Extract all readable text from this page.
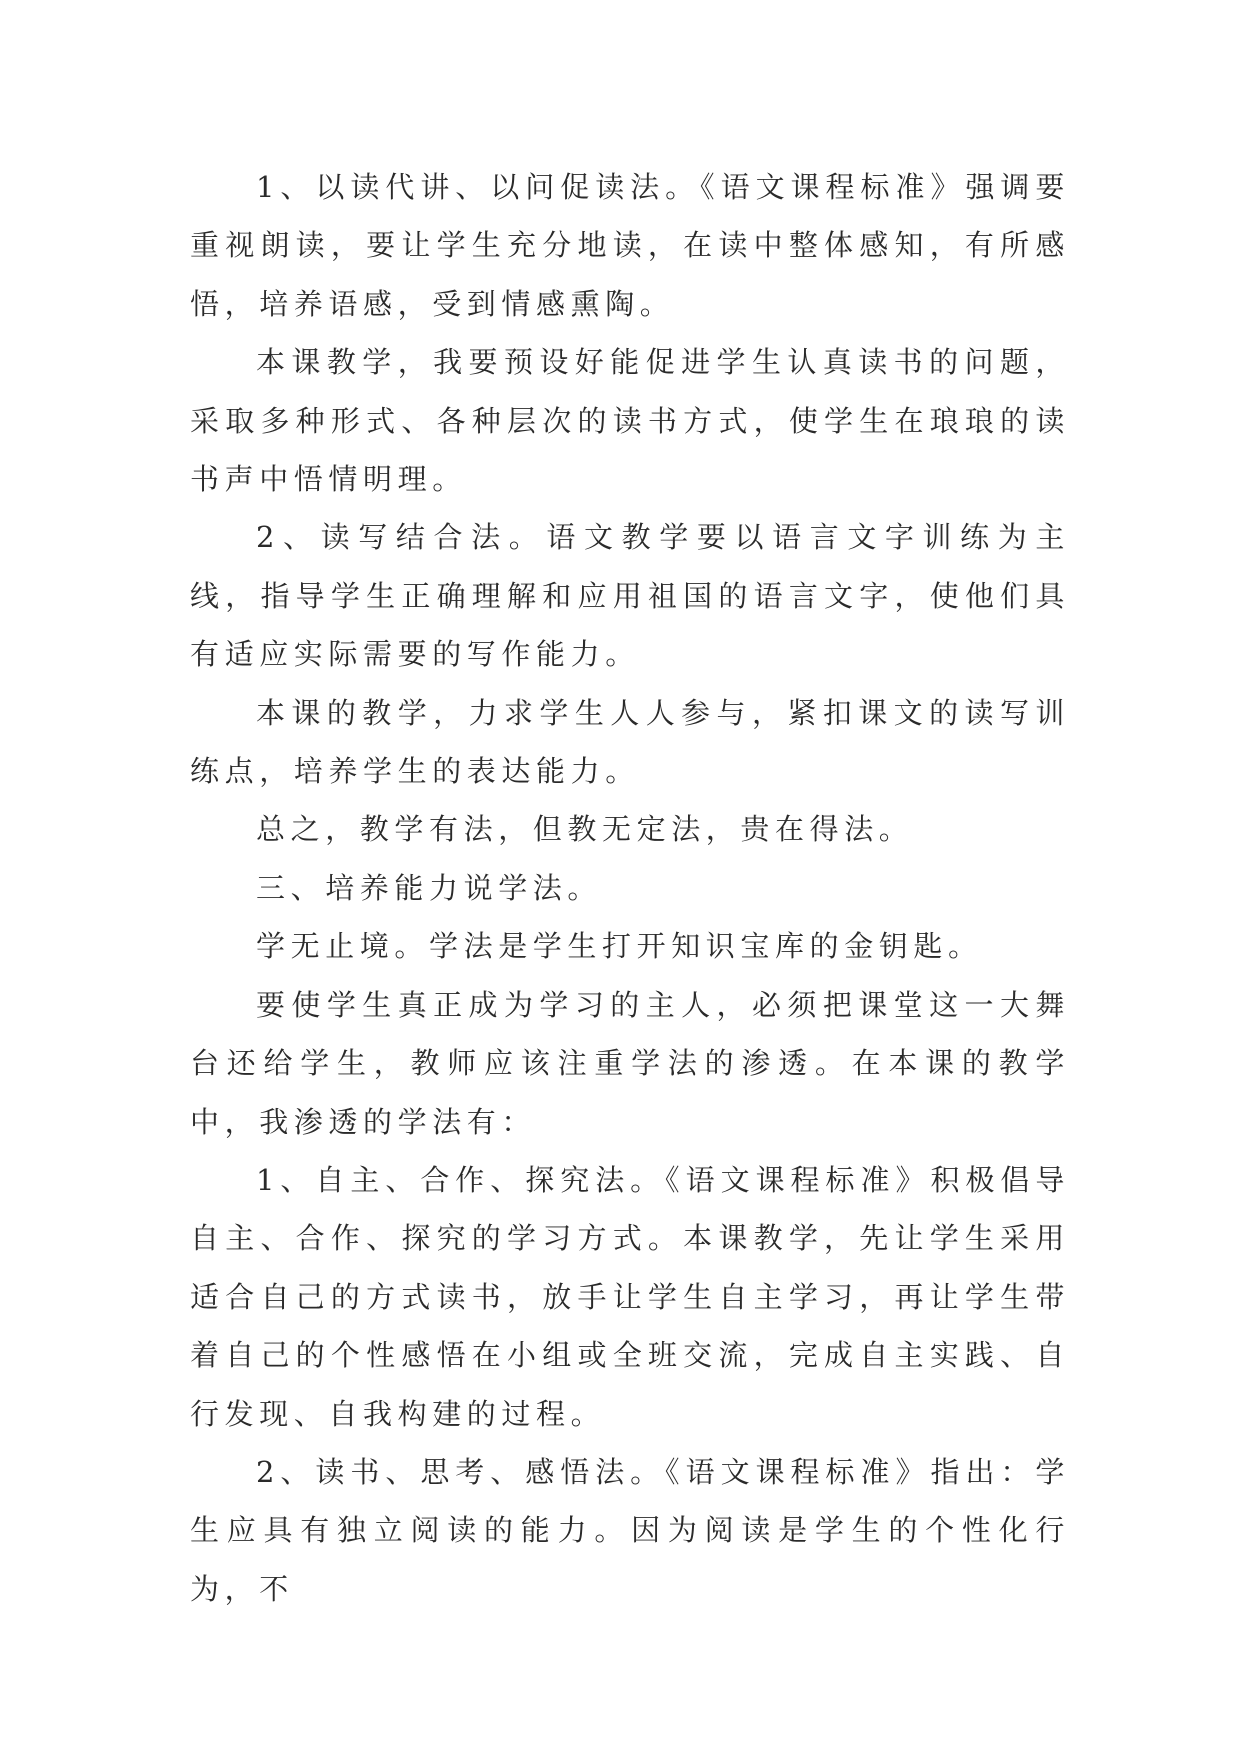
1、以读代讲、以问促读法。《语文课程标准》强调要重视朗读，要让学生充分地读，在读中整体感知，有所感悟，培养语感，受到情感熏陶。

本课教学，我要预设好能促进学生认真读书的问题，采取多种形式、各种层次的读书方式，使学生在琅琅的读书声中悟情明理。

2、读写结合法。语文教学要以语言文字训练为主线，指导学生正确理解和应用祖国的语言文字，使他们具有适应实际需要的写作能力。

本课的教学，力求学生人人参与，紧扣课文的读写训练点，培养学生的表达能力。

总之，教学有法，但教无定法，贵在得法。

三、培养能力说学法。

学无止境。学法是学生打开知识宝库的金钥匙。

要使学生真正成为学习的主人，必须把课堂这一大舞台还给学生，教师应该注重学法的渗透。在本课的教学中，我渗透的学法有：

1、自主、合作、探究法。《语文课程标准》积极倡导自主、合作、探究的学习方式。本课教学，先让学生采用适合自己的方式读书，放手让学生自主学习，再让学生带着自己的个性感悟在小组或全班交流，完成自主实践、自行发现、自我构建的过程。

2、读书、思考、感悟法。《语文课程标准》指出：学生应具有独立阅读的能力。因为阅读是学生的个性化行为，不
